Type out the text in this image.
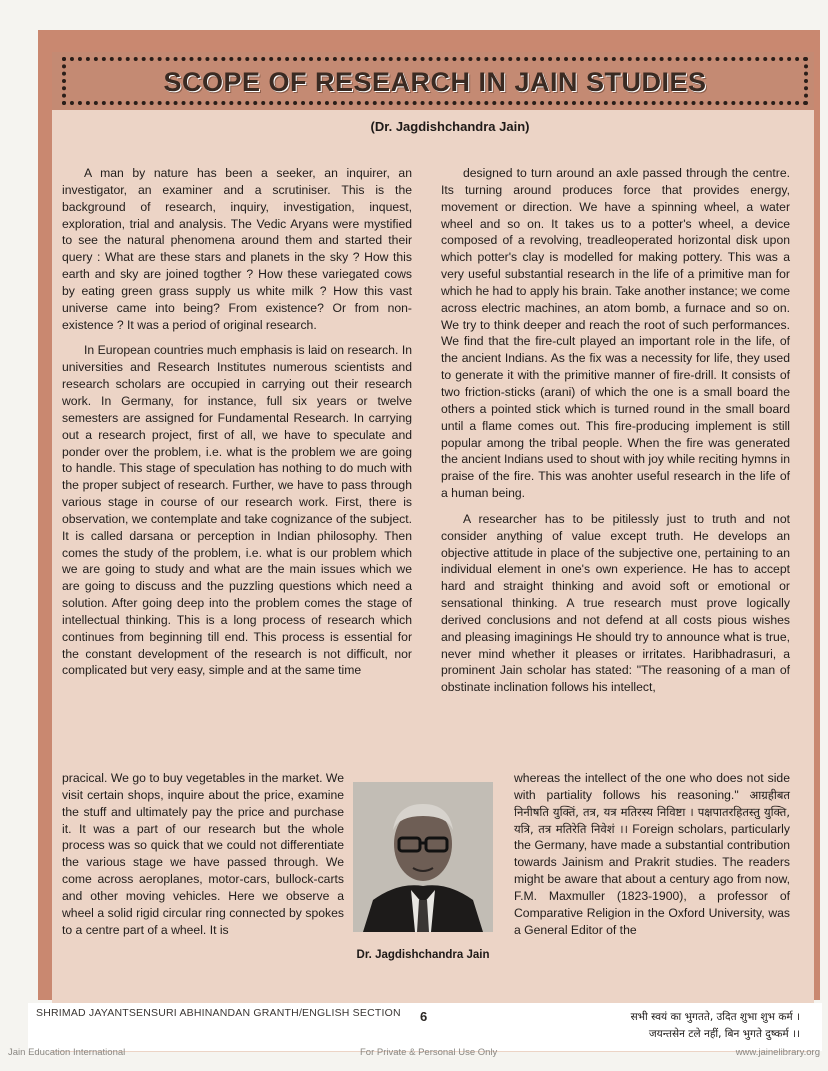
SCOPE OF RESEARCH IN JAIN STUDIES
(Dr. Jagdishchandra Jain)

A man by nature has been a seeker, an inquirer, an investigator, an examiner and a scrutiniser. This is the background of research, inquiry, investigation, inquest, exploration, trial and analysis. The Vedic Aryans were mystified to see the natural phenomena around them and started their query : What are these stars and planets in the sky ? How this earth and sky are joined togther ? How these variegated cows by eating green grass supply us white milk ? How this vast universe came into being? From existence? Or from non-existence ? It was a period of original research.

In European countries much emphasis is laid on research. In universities and Research Institutes numerous scientists and research scholars are occupied in carrying out their research work. In Germany, for instance, full six years or twelve semesters are assigned for Fundamental Research. In carrying out a research project, first of all, we have to speculate and ponder over the problem, i.e. what is the problem we are going to handle. This stage of speculation has nothing to do much with the proper subject of research. Further, we have to pass through various stage in course of our research work. First, there is observation, we contemplate and take cognizance of the subject. It is called darsana or perception in Indian philosophy. Then comes the study of the problem, i.e. what is our problem which we are going to study and what are the main issues which we are going to discuss and the puzzling questions which need a solution. After going deep into the problem comes the stage of intellectual thinking. This is a long process of research which continues from beginning till end. This process is essential for the constant development of the research is not difficult, nor complicated but very easy, simple and at the same time

pracical. We go to buy vegetables in the market. We visit certain shops, inquire about the price, examine the stuff and ultimately pay the price and purchase it. It was a part of our research but the whole process was so quick that we could not differentiate the various stage we have passed through. We come across aeroplanes, motor-cars, bullock-carts and other moving vehicles. Here we observe a wheel a solid rigid circular ring connected by spokes to a centre part of a wheel. It is

designed to turn around an axle passed through the centre. Its turning around produces force that provides energy, movement or direction. We have a spinning wheel, a water wheel and so on. It takes us to a potter's wheel, a device composed of a revolving, treadleoperated horizontal disk upon which potter's clay is modelled for making pottery. This was a very useful substantial research in the life of a primitive man for which he had to apply his brain. Take another instance; we come across electric machines, an atom bomb, a furnace and so on. We try to think deeper and reach the root of such performances. We find that the fire-cult played an important role in the life, of the ancient Indians. As the fix was a necessity for life, they used to generate it with the primitive manner of fire-drill. It consists of two friction-sticks (arani) of which the one is a small board the others a pointed stick which is turned round in the small board until a flame comes out. This fire-producing implement is still popular among the tribal people. When the fire was generated the ancient Indians used to shout with joy while reciting hymns in praise of the fire. This was anohter useful research in the life of a human being.

A researcher has to be pitilessly just to truth and not consider anything of value except truth. He develops an objective attitude in place of the subjective one, pertaining to an individual element in one's own experience. He has to accept hard and straight thinking and avoid soft or emotional or sensational thinking. A true research must prove logically derived conclusions and not defend at all costs pious wishes and pleasing imaginings He should try to announce what is true, never mind whether it pleases or irritates. Haribhadrasuri, a prominent Jain scholar has stated: "The reasoning of a man of obstinate inclination follows his intellect,

whereas the intellect of the one who does not side with partiality follows his reasoning." आग्रहीबत निनीषति युक्तिं, तत्र, यत्र मतिरस्य निविष्टा । पक्षपातरहितस्तु युक्ति, यत्रि, तत्र मतिरेति निवेशं ।। Foreign scholars, particularly the Germany, have made a substantial contribution towards Jainism and Prakrit studies. The readers might be aware that about a century ago from now, F.M. Maxmuller (1823-1900), a professor of Comparative Religion in the Oxford University, was a General Editor of the

Dr. Jagdishchandra Jain
SHRIMAD JAYANTSENSURI ABHINANDAN GRANTH/ENGLISH SECTION 6	सभी स्वयं का भुगतते, उदित शुभा शुभ कर्म ।
जयन्तसेन टले नहीं, बिन भुगते दुष्कर्म ।।
Jain Education International	For Private & Personal Use Only	www.jainelibrary.org
